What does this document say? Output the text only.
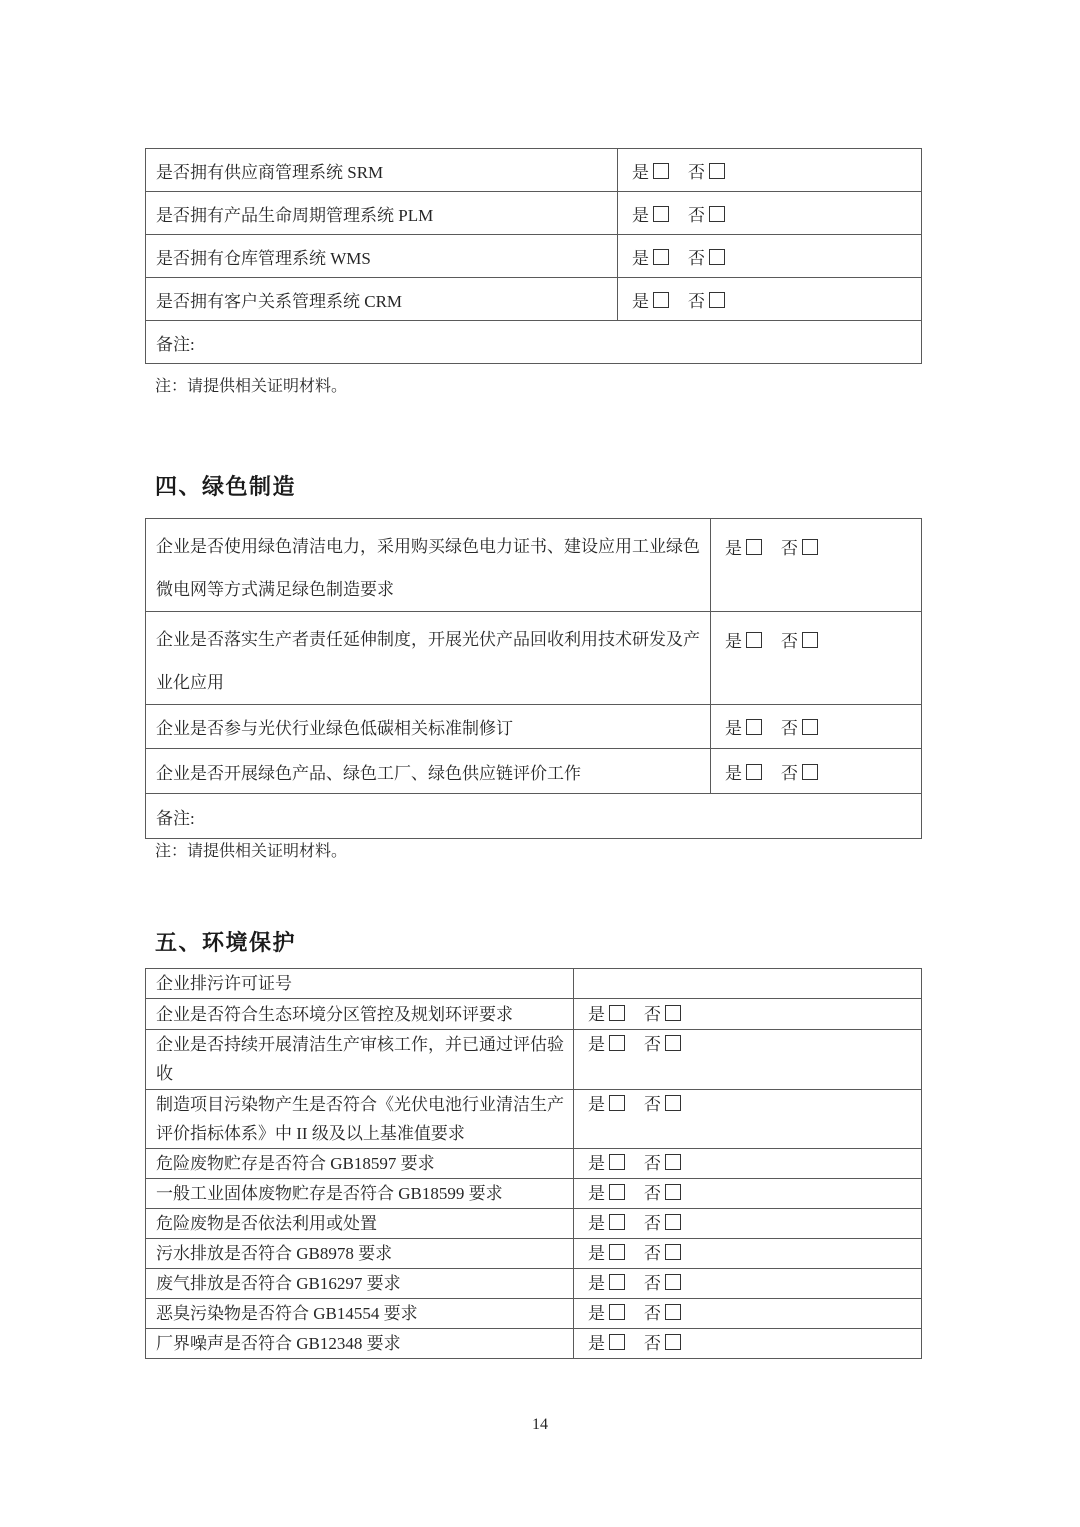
是否拥有供应商管理系统 SRM	是 否
是否拥有产品生命周期管理系统 PLM	是 否
是否拥有仓库管理系统 WMS	是 否
是否拥有客户关系管理系统 CRM	是 否
备注:	
注：请提供相关证明材料。
四、绿色制造
企业是否使用绿色清洁电力，采用购买绿色电力证书、建设应用工业绿色微电网等方式满足绿色制造要求	是 否
企业是否落实生产者责任延伸制度，开展光伏产品回收利用技术研发及产业化应用	是 否
企业是否参与光伏行业绿色低碳相关标准制修订	是 否
企业是否开展绿色产品、绿色工厂、绿色供应链评价工作	是 否
备注:	
注：请提供相关证明材料。
五、环境保护
企业排污许可证号	
企业是否符合生态环境分区管控及规划环评要求	是 否
企业是否持续开展清洁生产审核工作，并已通过评估验收	是 否
制造项目污染物产生是否符合《光伏电池行业清洁生产评价指标体系》中 II 级及以上基准值要求	是 否
危险废物贮存是否符合 GB18597 要求	是 否
一般工业固体废物贮存是否符合 GB18599 要求	是 否
危险废物是否依法利用或处置	是 否
污水排放是否符合 GB8978 要求	是 否
废气排放是否符合 GB16297 要求	是 否
恶臭污染物是否符合 GB14554 要求	是 否
厂界噪声是否符合 GB12348 要求	是 否
14
